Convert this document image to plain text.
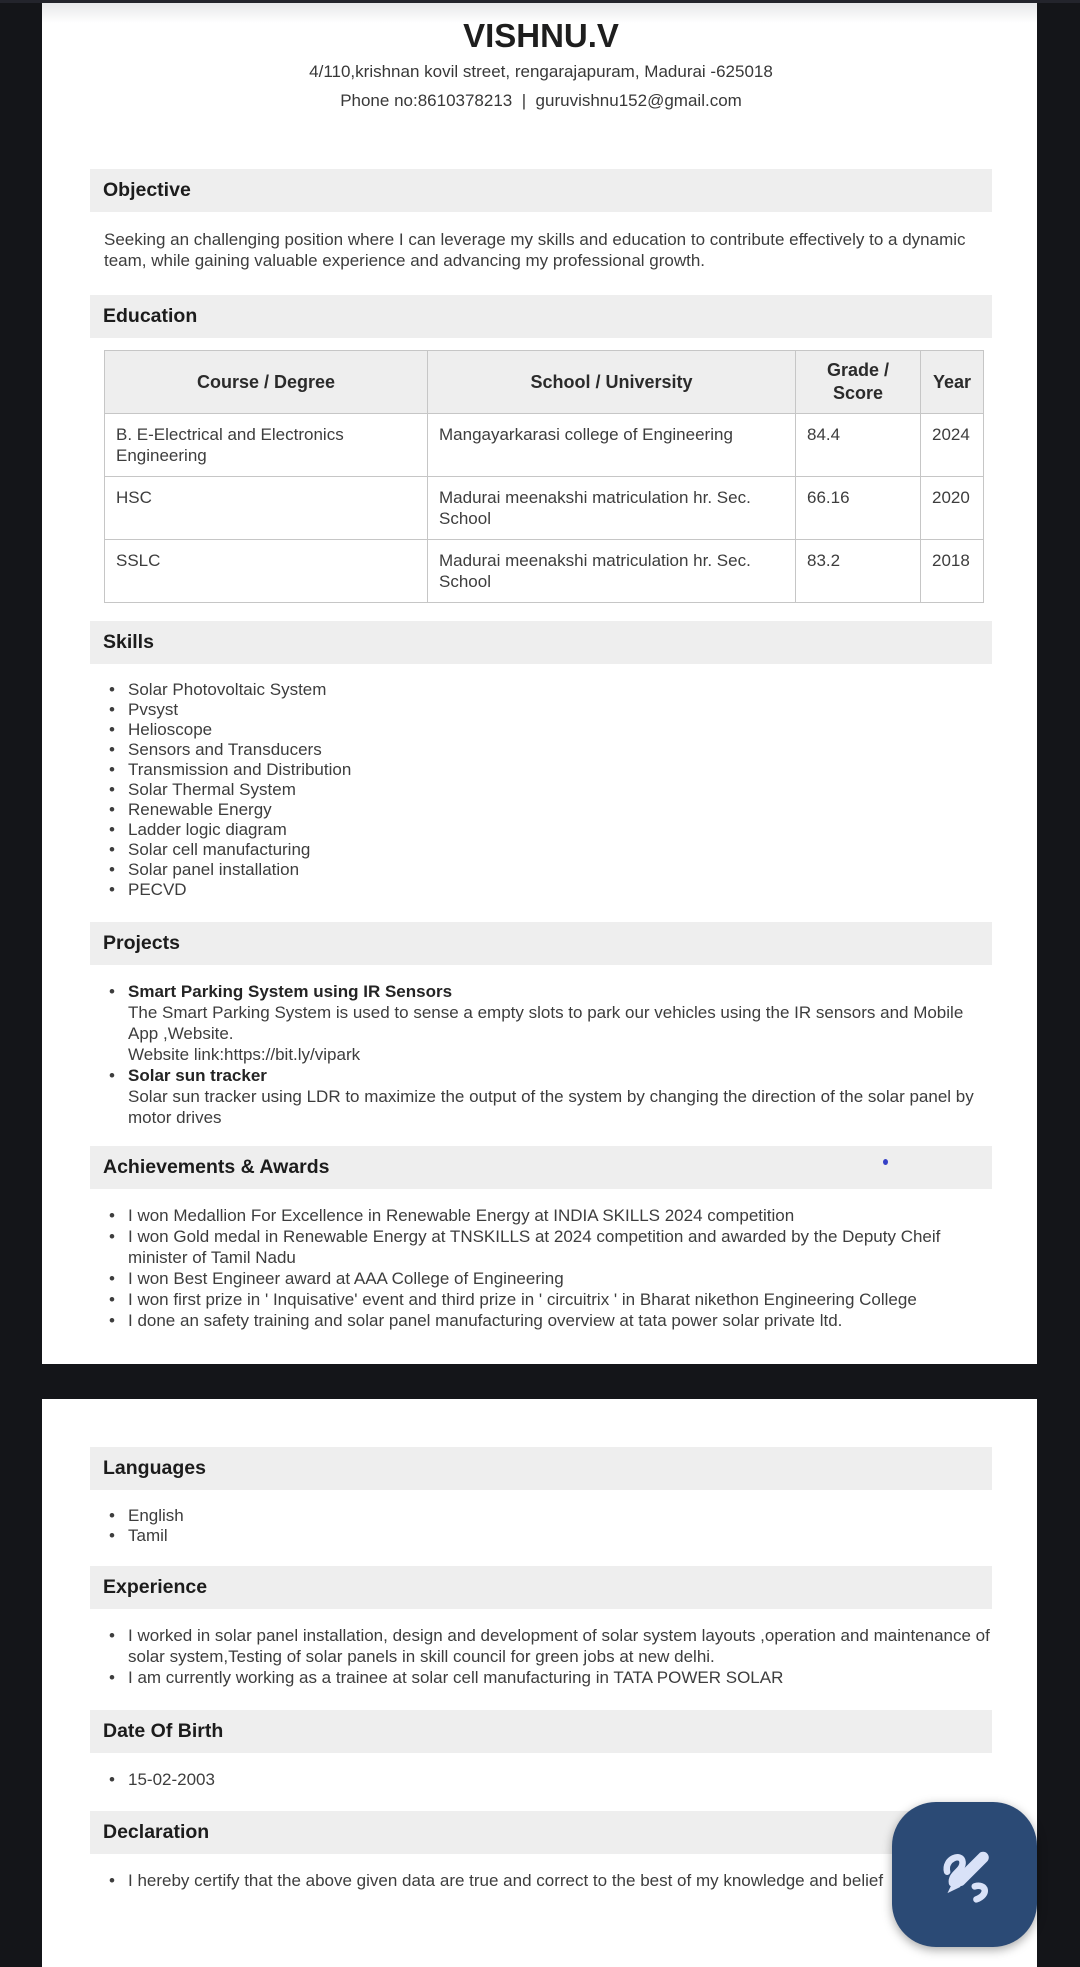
VISHNU.V
4/110,krishnan kovil street, rengarajapuram, Madurai -625018
Phone no:8610378213  |  guruvishnu152@gmail.com
Objective
Seeking an challenging position where I can leverage my skills and education to contribute effectively to a dynamic team, while gaining valuable experience and advancing my professional growth.
Education
Course / Degree	School / University	Grade / Score	Year
B. E-Electrical and Electronics Engineering	Mangayarkarasi college of Engineering	84.4	2024
HSC	Madurai meenakshi matriculation hr. Sec. School	66.16	2020
SSLC	Madurai meenakshi matriculation hr. Sec. School	83.2	2018
Skills
• Solar Photovoltaic System
• Pvsyst
• Helioscope
• Sensors and Transducers
• Transmission and Distribution
• Solar Thermal System
• Renewable Energy
• Ladder logic diagram
• Solar cell manufacturing
• Solar panel installation
• PECVD
Projects
• Smart Parking System using IR Sensors
The Smart Parking System is used to sense a empty slots to park our vehicles using the IR sensors and Mobile App ,Website.
Website link:https://bit.ly/vipark
• Solar sun tracker
Solar sun tracker using LDR to maximize the output of the system by changing the direction of the solar panel by motor drives
Achievements & Awards
• I won Medallion For Excellence in Renewable Energy at INDIA SKILLS 2024 competition
• I won Gold medal in Renewable Energy at TNSKILLS at 2024 competition and awarded by the Deputy Cheif minister of Tamil Nadu
• I won Best Engineer award at AAA College of Engineering
• I won first prize in ' Inquisative' event and third prize in ' circuitrix ' in Bharat nikethon Engineering College
• I done an safety training and solar panel manufacturing overview at tata power solar private ltd.
Languages
• English
• Tamil
Experience
• I worked in solar panel installation, design and development of solar system layouts ,operation and maintenance of solar system,Testing of solar panels in skill council for green jobs at new delhi.
• I am currently working as a trainee at solar cell manufacturing in TATA POWER SOLAR
Date Of Birth
• 15-02-2003
Declaration
• I hereby certify that the above given data are true and correct to the best of my knowledge and belief
